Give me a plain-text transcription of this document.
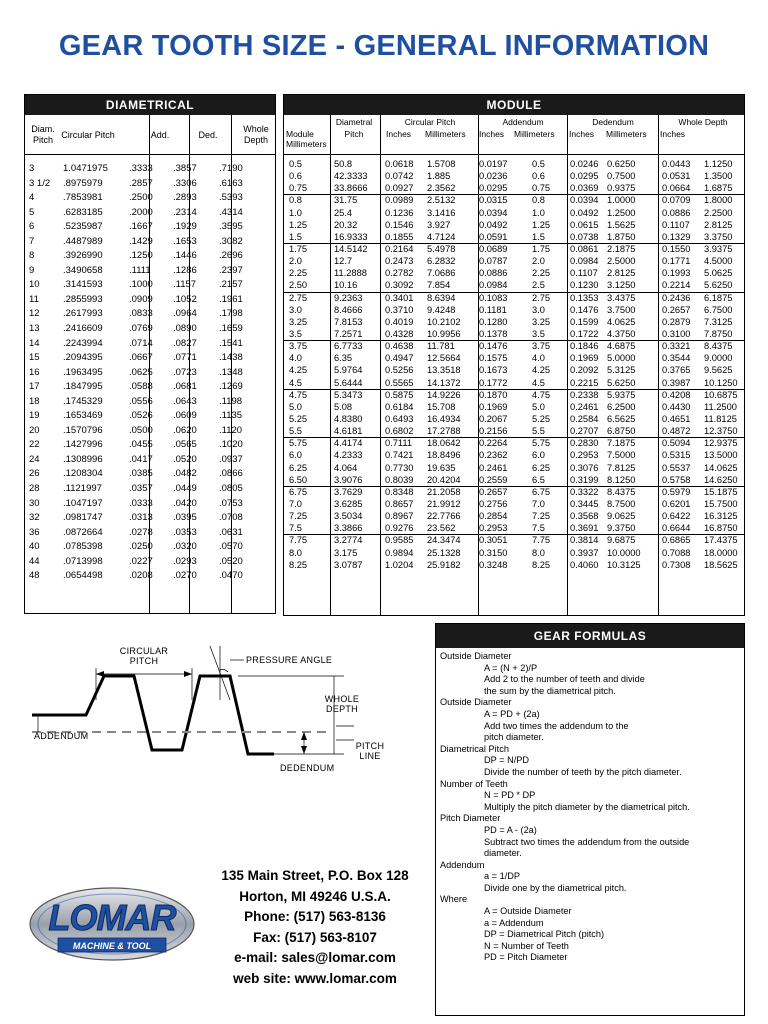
GEAR TOOTH SIZE - GENERAL INFORMATION
DIAMETRICAL
Diam. Pitch
Circular Pitch	Add.	Ded.
Whole Depth
3	1.0471975 .3333 .3857 .7190
3 1/2 .8975979	.2857 .3306 .6163
4	.7853981	.2500 .2893 .5393
5	.6283185	.2000 .2314 .4314
6	.5235987	.1667 .1929 .3595
7	.4487989	.1429 .1653 .3082
8	.3926990	.1250 .1446 .2696
9	.3490658	.1111 .1286 .2397
10 .3141593	.1000 .1157 .2157
11	.2855993	.0909 .1052 .1961
12 .2617993	.0833 .0964 .1798
13 .2416609	.0769 .0890 .1659
14 .2243994	.0714 .0827 .1541
15 .2094395	.0667 .0771 .1438
16 .1963495	.0625 .0723 .1348
17 .1847995	.0588 .0681 .1269
18 .1745329	.0556 .0643 .1198
19 .1653469	.0526 .0609 .1135
20 .1570796	.0500 .0620 .1120
22 .1427996	.0455 .0565 .1020
24 .1308996	.0417 .0520 .0937
26 .1208304	.0385 .0482 .0866
28 .1121997	.0357 .0449 .0805
30 .1047197	.0333 .0420 .0753
32 .0981747	.0313 .0395 .0708
36 .0872664	.0278 .0353 .0631
40 .0785398	.0250 .0320 .0570
44 .0713998	.0227 .0293 .0520
48 .0654498	.0208 .0270 .0470
MODULE
Module
Millimeters
Diametral
Pitch
Circular Pitch
Inches Millimeters
Addendum
Inches Millimeters
Dedendum
Inches Millimeters
Whole Depth
Inches
0.5	50.8	0.0618 1.5708	0.0197	0.5	0.0246 0.6250	0.0443 1.1250
0.6	42.3333 0.0742 1.885	0.0236	0.6	0.0295 0.7500	0.0531 1.3500
0.75	33.8666 0.0927 2.3562	0.0295	0.75 0.0369 0.9375	0.0664 1.6875
0.8	31.75	0.0989 2.5132	0.0315	0.8	0.0394 1.0000	0.0709 1.8000
1.0	25.4	0.1236 3.1416	0.0394	1.0	0.0492 1.2500	0.0886 2.2500
1.25	20.32	0.1546 3.927	0.0492	1.25 0.0615 1.5625	0.1107 2.8125
1.5	16.9333 0.1855 4.7124	0.0591	1.5	0.0738 1.8750	0.1329 3.3750
1.75	14.5142 0.2164 5.4978	0.0689	1.75 0.0861 2.1875	0.1550 3.9375
2.0	12.7	0.2473 6.2832	0.0787	2.0	0.0984 2.5000	0.1771 4.5000
2.25	11.2888 0.2782 7.0686	0.0886	2.25 0.1107 2.8125	0.1993 5.0625
2.50	10.16	0.3092 7.854	0.0984	2.5	0.1230 3.1250	0.2214 5.6250
2.75	9.2363 0.3401 8.6394	0.1083	2.75 0.1353 3.4375	0.2436 6.1875
3.0	8.4666 0.3710 9.4248	0.1181	3.0	0.1476 3.7500	0.2657 6.7500
3.25	7.8153 0.4019 10.2102 0.1280	3.25 0.1599 4.0625	0.2879 7.3125
3.5	7.2571 0.4328 10.9956 0.1378	3.5	0.1722 4.3750	0.3100 7.8750
3.75	6.7733 0.4638 11.781	0.1476	3.75 0.1846 4.6875	0.3321 8.4375
4.0	6.35	0.4947 12.5664 0.1575	4.0	0.1969 5.0000	0.3544 9.0000
4.25	5.9764 0.5256 13.3518 0.1673	4.25 0.2092 5.3125	0.3765 9.5625
4.5	5.6444 0.5565 14.1372 0.1772	4.5	0.2215 5.6250	0.3987 10.1250
4.75	5.3473 0.5875 14.9226 0.1870	4.75 0.2338 5.9375	0.4208 10.6875
5.0	5.08	0.6184 15.708	0.1969	5.0	0.2461 6.2500	0.4430 11.2500
5.25	4.8380 0.6493 16.4934 0.2067	5.25 0.2584 6.5625	0.4651 11.8125
5.5	4.6181 0.6802 17.2788 0.2156	5.5	0.2707 6.8750	0.4872 12.3750
5.75	4.4174 0.7111 18.0642 0.2264	5.75 0.2830 7.1875	0.5094 12.9375
6.0	4.2333 0.7421 18.8496 0.2362	6.0	0.2953 7.5000	0.5315 13.5000
6.25	4.064	0.7730 19.635	0.2461	6.25 0.3076 7.8125	0.5537 14.0625
6.50	3.9076 0.8039 20.4204 0.2559	6.5	0.3199 8.1250	0.5758 14.6250
6.75	3.7629 0.8348 21.2058 0.2657	6.75 0.3322 8.4375	0.5979 15.1875
7.0	3.6285 0.8657 21.9912 0.2756	7.0	0.3445 8.7500	0.6201 15.7500
7.25	3.5034 0.8967 22.7766 0.2854	7.25 0.3568 9.0625	0.6422 16.3125
7.5	3.3866 0.9276 23.562	0.2953	7.5	0.3691 9.3750	0.6644 16.8750
7.75	3.2774 0.9585 24.3474 0.3051	7.75 0.3814 9.6875	0.6865 17.4375
8.0	3.175	0.9894 25.1328 0.3150	8.0	0.3937 10.0000 0.7088 18.0000
8.25	3.0787 1.0204 25.9182 0.3248	8.25 0.4060 10.3125 0.7308 18.5625
CIRCULAR
PITCH	PRESSURE ANGLE
WHOLE
DEPTH
ADDENDUM
PITCH
LINE
DEDENDUM
LOMAR
MACHINE & TOOL
135 Main Street, P.O. Box 128
Horton, MI 49246 U.S.A.
Phone: (517) 563-8136
Fax: (517) 563-8107
e-mail: sales@lomar.com
web site: www.lomar.com
GEAR FORMULAS
Outside Diameter
A = (N + 2)/P
Add 2 to the number of teeth and divide
the sum by the diametrical pitch.
Outside Diameter
A = PD + (2a)
Add two times the addendum to the
pitch diameter.
Diametrical Pitch
DP = N/PD
Divide the number of teeth by the pitch diameter.
Number of Teeth
N = PD * DP
Multiply the pitch diameter by the diametrical pitch.
Pitch Diameter
PD = A - (2a)
Subtract two times the addendum from the outside
diameter.
Addendum
a = 1/DP
Divide one by the diametrical pitch.
Where
A = Outside Diameter
a = Addendum
DP = Diametrical Pitch (pitch)
N = Number of Teeth
PD = Pitch Diameter
